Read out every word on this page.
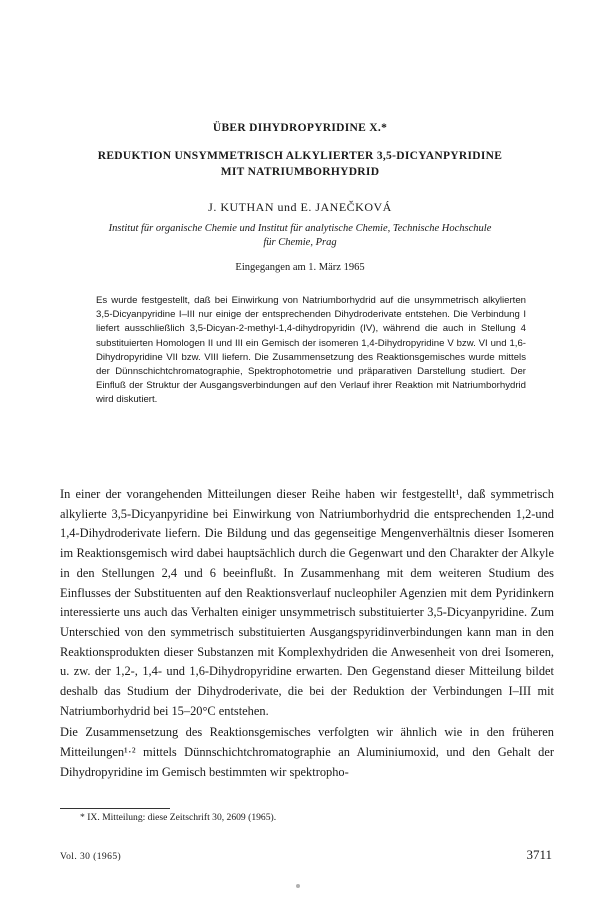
ÜBER DIHYDROPYRIDINE X.*
REDUKTION UNSYMMETRISCH ALKYLIERTER 3,5-DICYANPYRIDINE
MIT NATRIUMBORHYDRID
J. KUTHAN und E. JANEČKOVÁ
Institut für organische Chemie und Institut für analytische Chemie, Technische Hochschule
für Chemie, Prag
Eingegangen am 1. März 1965

Es wurde festgestellt, daß bei Einwirkung von Natriumborhydrid auf die unsymmetrisch alkylierten 3,5-Dicyanpyridine I–III nur einige der entsprechenden Dihydroderivate entstehen. Die Verbindung I liefert ausschließlich 3,5-Dicyan-2-methyl-1,4-dihydropyridin (IV), während die auch in Stellung 4 substituierten Homologen II und III ein Gemisch der isomeren 1,4-Dihydropyridine V bzw. VI und 1,6-Dihydropyridine VII bzw. VIII liefern. Die Zusammensetzung des Reaktionsgemisches wurde mittels der Dünnschichtchromatographie, Spektrophotometrie und präparativen Darstellung studiert. Der Einfluß der Struktur der Ausgangsverbindungen auf den Verlauf ihrer Reaktion mit Natriumborhydrid wird diskutiert.

In einer der vorangehenden Mitteilungen dieser Reihe haben wir festgestellt¹, daß symmetrisch alkylierte 3,5-Dicyanpyridine bei Einwirkung von Natriumborhydrid die entsprechenden 1,2-und 1,4-Dihydroderivate liefern. Die Bildung und das gegenseitige Mengenverhältnis dieser Isomeren im Reaktionsgemisch wird dabei hauptsächlich durch die Gegenwart und den Charakter der Alkyle in den Stellungen 2,4 und 6 beeinflußt. In Zusammenhang mit dem weiteren Studium des Einflusses der Substituenten auf den Reaktionsverlauf nucleophiler Agenzien mit dem Pyridinkern interessierte uns auch das Verhalten einiger unsymmetrisch substituierter 3,5-Dicyanpyridine. Zum Unterschied von den symmetrisch substituierten Ausgangspyridinverbindungen kann man in den Reaktionsprodukten dieser Substanzen mit Komplexhydriden die Anwesenheit von drei Isomeren, u. zw. der 1,2-, 1,4- und 1,6-Dihydropyridine erwarten. Den Gegenstand dieser Mitteilung bildet deshalb das Studium der Dihydroderivate, die bei der Reduktion der Verbindungen I–III mit Natriumborhydrid bei 15–20°C entstehen.

Die Zusammensetzung des Reaktionsgemisches verfolgten wir ähnlich wie in den früheren Mitteilungen¹·² mittels Dünnschichtchromatographie an Aluminiumoxid, und den Gehalt der Dihydropyridine im Gemisch bestimmten wir spektropho-

* IX. Mitteilung: diese Zeitschrift 30, 2609 (1965).
Vol. 30 (1965)	3711
